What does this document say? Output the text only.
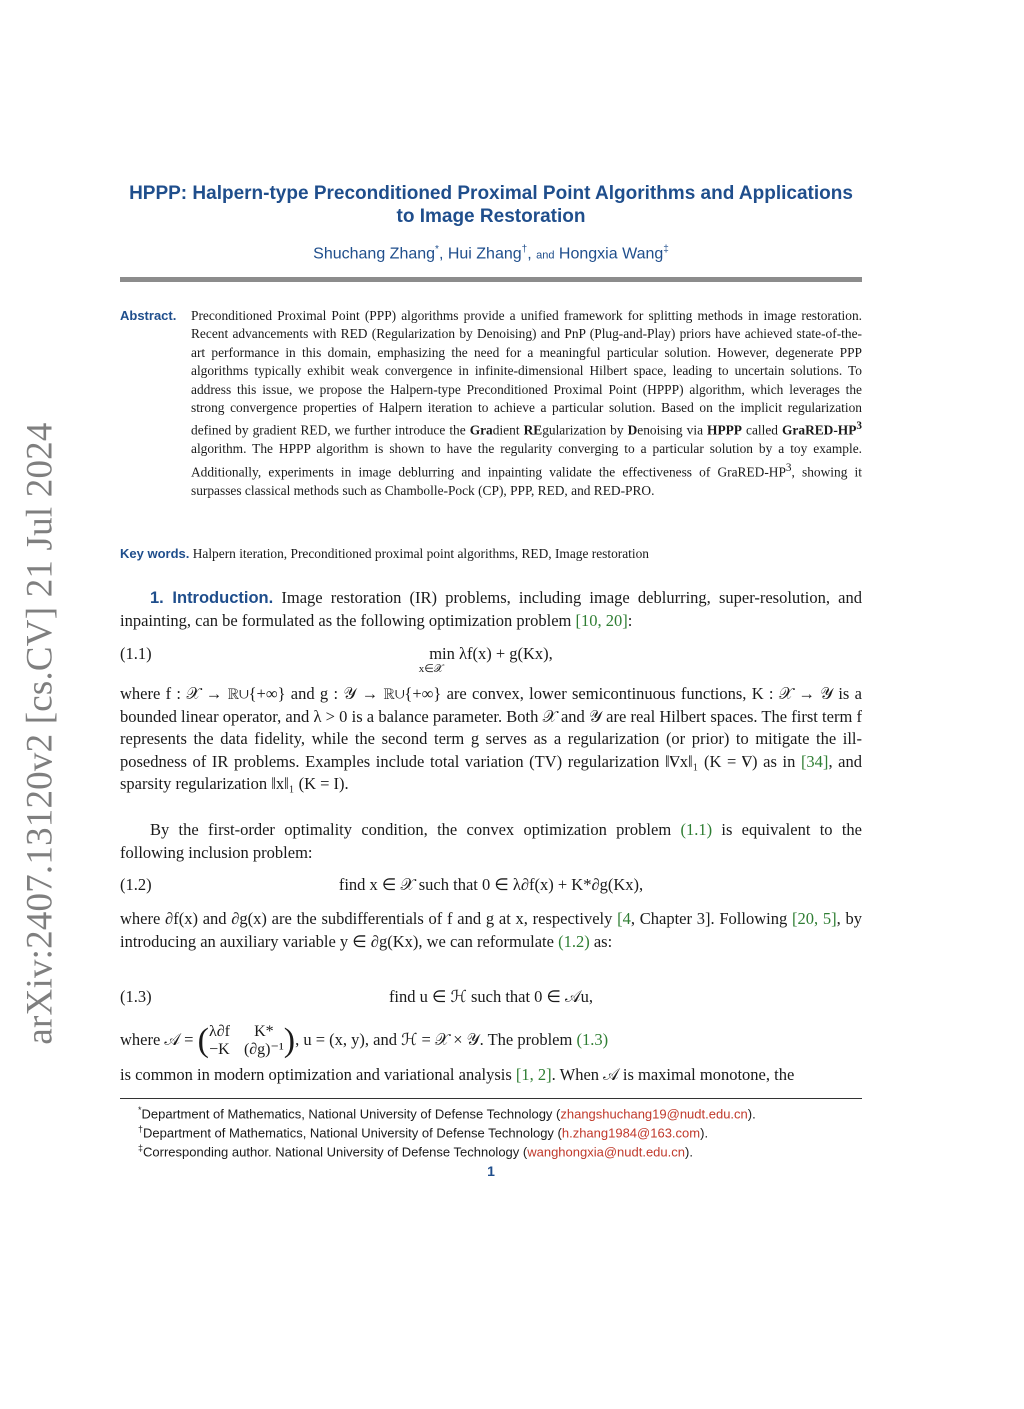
arXiv:2407.13120v2 [cs.CV] 21 Jul 2024
HPPP: Halpern-type Preconditioned Proximal Point Algorithms and Applications
to Image Restoration
Shuchang Zhang*, Hui Zhang†, and Hongxia Wang‡
Abstract. Preconditioned Proximal Point (PPP) algorithms provide a unified framework for splitting methods in image restoration. Recent advancements with RED (Regularization by Denoising) and PnP (Plug-and-Play) priors have achieved state-of-the-art performance in this domain, emphasizing the need for a meaningful particular solution. However, degenerate PPP algorithms typically exhibit weak convergence in infinite-dimensional Hilbert space, leading to uncertain solutions. To address this issue, we propose the Halpern-type Preconditioned Proximal Point (HPPP) algorithm, which leverages the strong convergence properties of Halpern iteration to achieve a particular solution. Based on the implicit regularization defined by gradient RED, we further introduce the Gradient REgularization by Denoising via HPPP called GraRED-$HP^3$ algorithm. The HPPP algorithm is shown to have the regularity converging to a particular solution by a toy example. Additionally, experiments in image deblurring and inpainting validate the effectiveness of GraRED-$HP^3$, showing it surpasses classical methods such as Chambolle-Pock (CP), PPP, RED, and RED-PRO.
Key words. Halpern iteration, Preconditioned proximal point algorithms, RED, Image restoration
1. Introduction. Image restoration (IR) problems, including image deblurring, super-resolution, and inpainting, can be formulated as the following optimization problem [10, 20]:
(1.1)	min λf(x) + g(Kx),
x∈𝒳
where f : 𝒳 → ℝ∪{+∞} and g : 𝒴 → ℝ∪{+∞} are convex, lower semicontinuous functions, K : 𝒳 → 𝒴 is a bounded linear operator, and λ > 0 is a balance parameter. Both 𝒳 and 𝒴 are real Hilbert spaces. The first term f represents the data fidelity, while the second term g serves as a regularization (or prior) to mitigate the ill-posedness of IR problems. Examples include total variation (TV) regularization ‖∇x‖₁ (K = ∇) as in [34], and sparsity regularization ‖x‖₁ (K = I).
By the first-order optimality condition, the convex optimization problem (1.1) is equivalent to the following inclusion problem:
(1.2)	find x ∈ 𝒳 such that 0 ∈ λ∂f(x) + K*∂g(Kx),
where ∂f(x) and ∂g(x) are the subdifferentials of f and g at x, respectively [4, Chapter 3]. Following [20, 5], by introducing an auxiliary variable y ∈ ∂g(Kx), we can reformulate (1.2) as:
(1.3)	find u ∈ ℋ such that 0 ∈ 𝒜u,
where 𝒜 = ( λ∂f	K*
−K (∂g)⁻¹ ), u = (x, y), and ℋ = 𝒳 × 𝒴. The problem (1.3)
is common in modern optimization and variational analysis [1, 2]. When 𝒜 is maximal monotone, the
*Department of Mathematics, National University of Defense Technology (zhangshuchang19@nudt.edu.cn).
†Department of Mathematics, National University of Defense Technology (h.zhang1984@163.com).
‡Corresponding author. National University of Defense Technology (wanghongxia@nudt.edu.cn).
1
